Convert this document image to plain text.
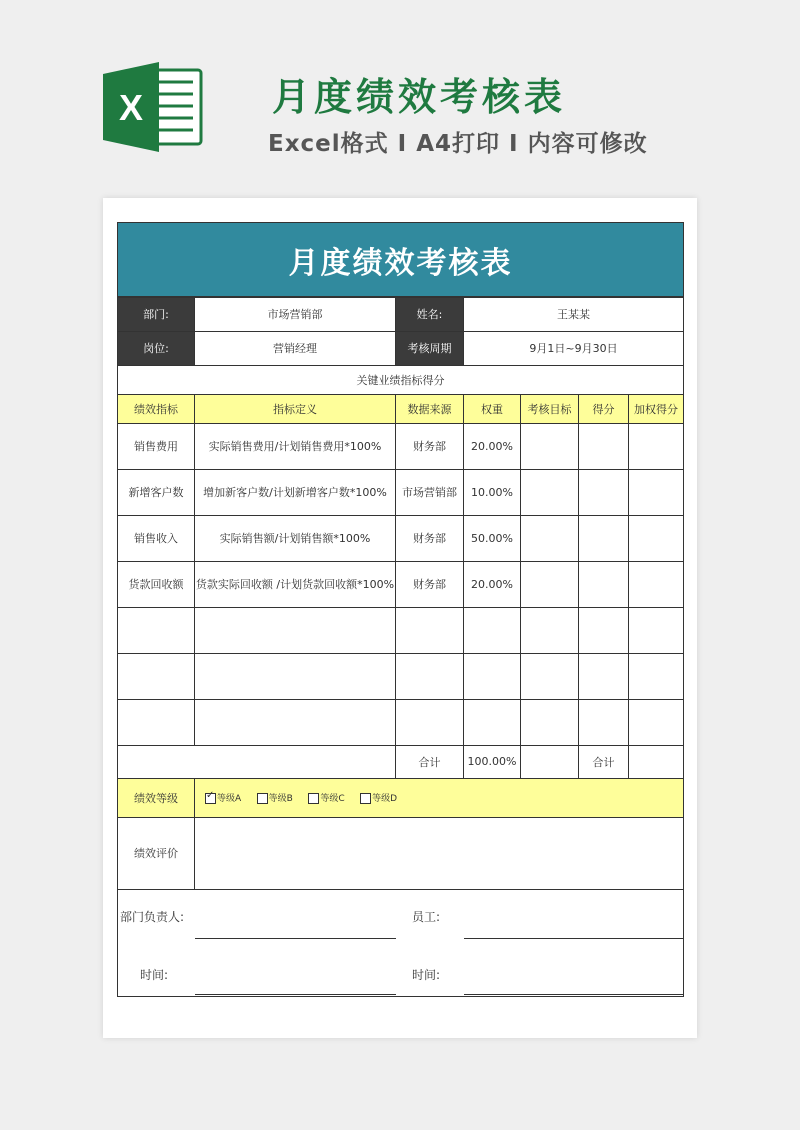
X	月度绩效考核表
Excel格式 I A4打印 I 内容可修改
月度绩效考核表						
部门:	市场营销部	姓名:	王某某			
岗位:	营销经理	考核周期	9月1日~9月30日			
关键业绩指标得分						
绩效指标	指标定义	数据来源	权重	考核目标	得分	加权得分
销售费用	实际销售费用/计划销售费用*100%	财务部	20.00%			
新增客户数	增加新客户数/计划新增客户数*100%	市场营销部	10.00%			
销售收入	实际销售额/计划销售额*100%	财务部	50.00%			
货款回收额	货款实际回收额 /计划货款回收额*100%	财务部	20.00%			

		合计	100.00%		合计	
绩效等级	✓等级A 等级B 等级C 等级D
绩效评价						

部门负责人: 员工:
时间: 时间:						
